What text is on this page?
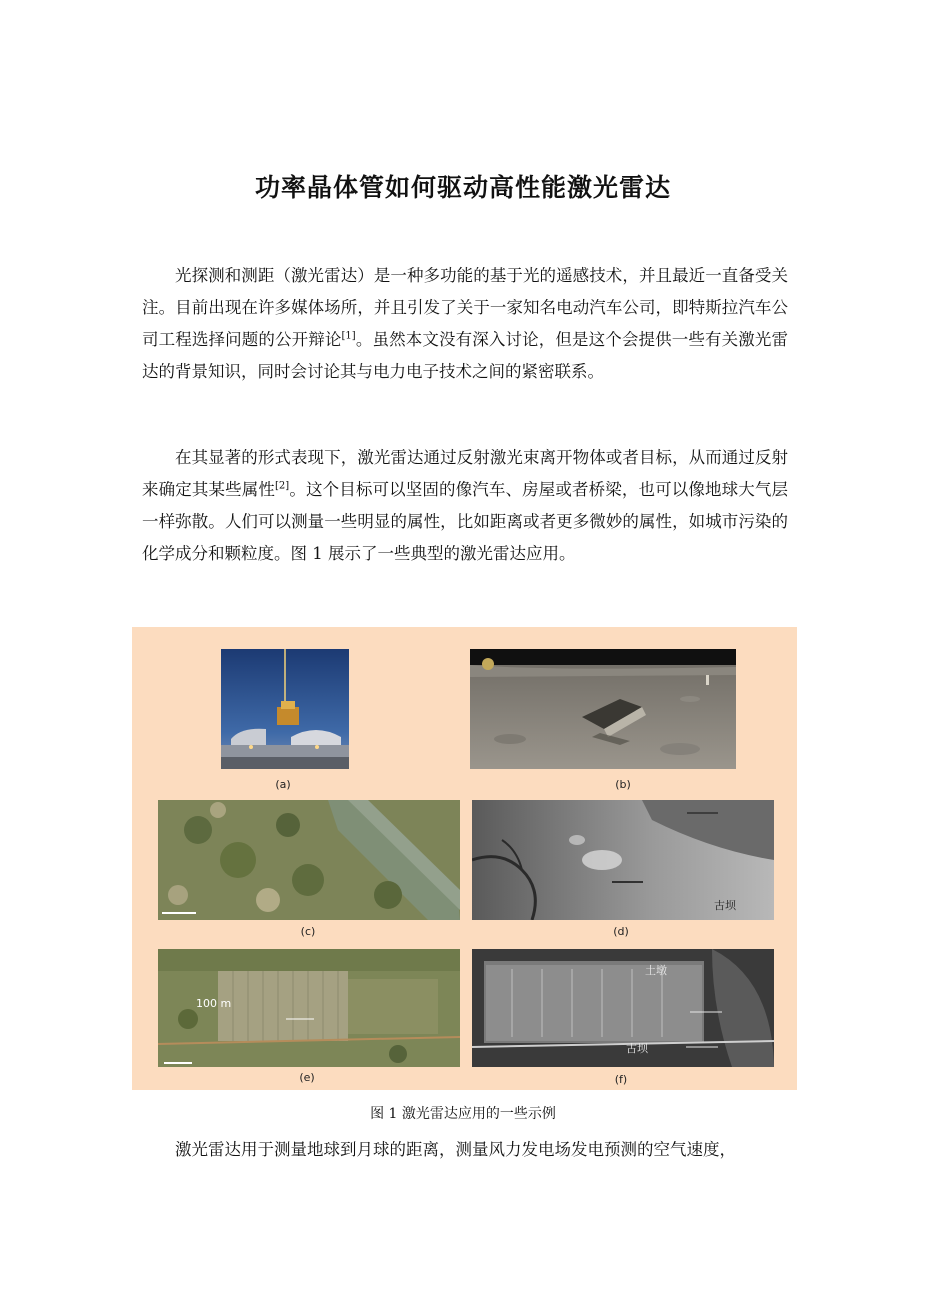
功率晶体管如何驱动高性能激光雷达

光探测和测距（激光雷达）是一种多功能的基于光的遥感技术，并且最近一直备受关注。目前出现在许多媒体场所，并且引发了关于一家知名电动汽车公司，即特斯拉汽车公司工程选择问题的公开辩论[1]。虽然本文没有深入讨论，但是这个会提供一些有关激光雷达的背景知识，同时会讨论其与电力电子技术之间的紧密联系。

在其显著的形式表现下，激光雷达通过反射激光束离开物体或者目标，从而通过反射来确定其某些属性[2]。这个目标可以坚固的像汽车、房屋或者桥梁，也可以像地球大气层一样弥散。人们可以测量一些明显的属性，比如距离或者更多微妙的属性，如城市污染的化学成分和颗粒度。图 1 展示了一些典型的激光雷达应用。

(a)	(b)
(c)
古坝
(d)
100 m
(e)
土墩
古坝
(f)
图 1 激光雷达应用的一些示例

激光雷达用于测量地球到月球的距离，测量风力发电场发电预测的空气速度，
